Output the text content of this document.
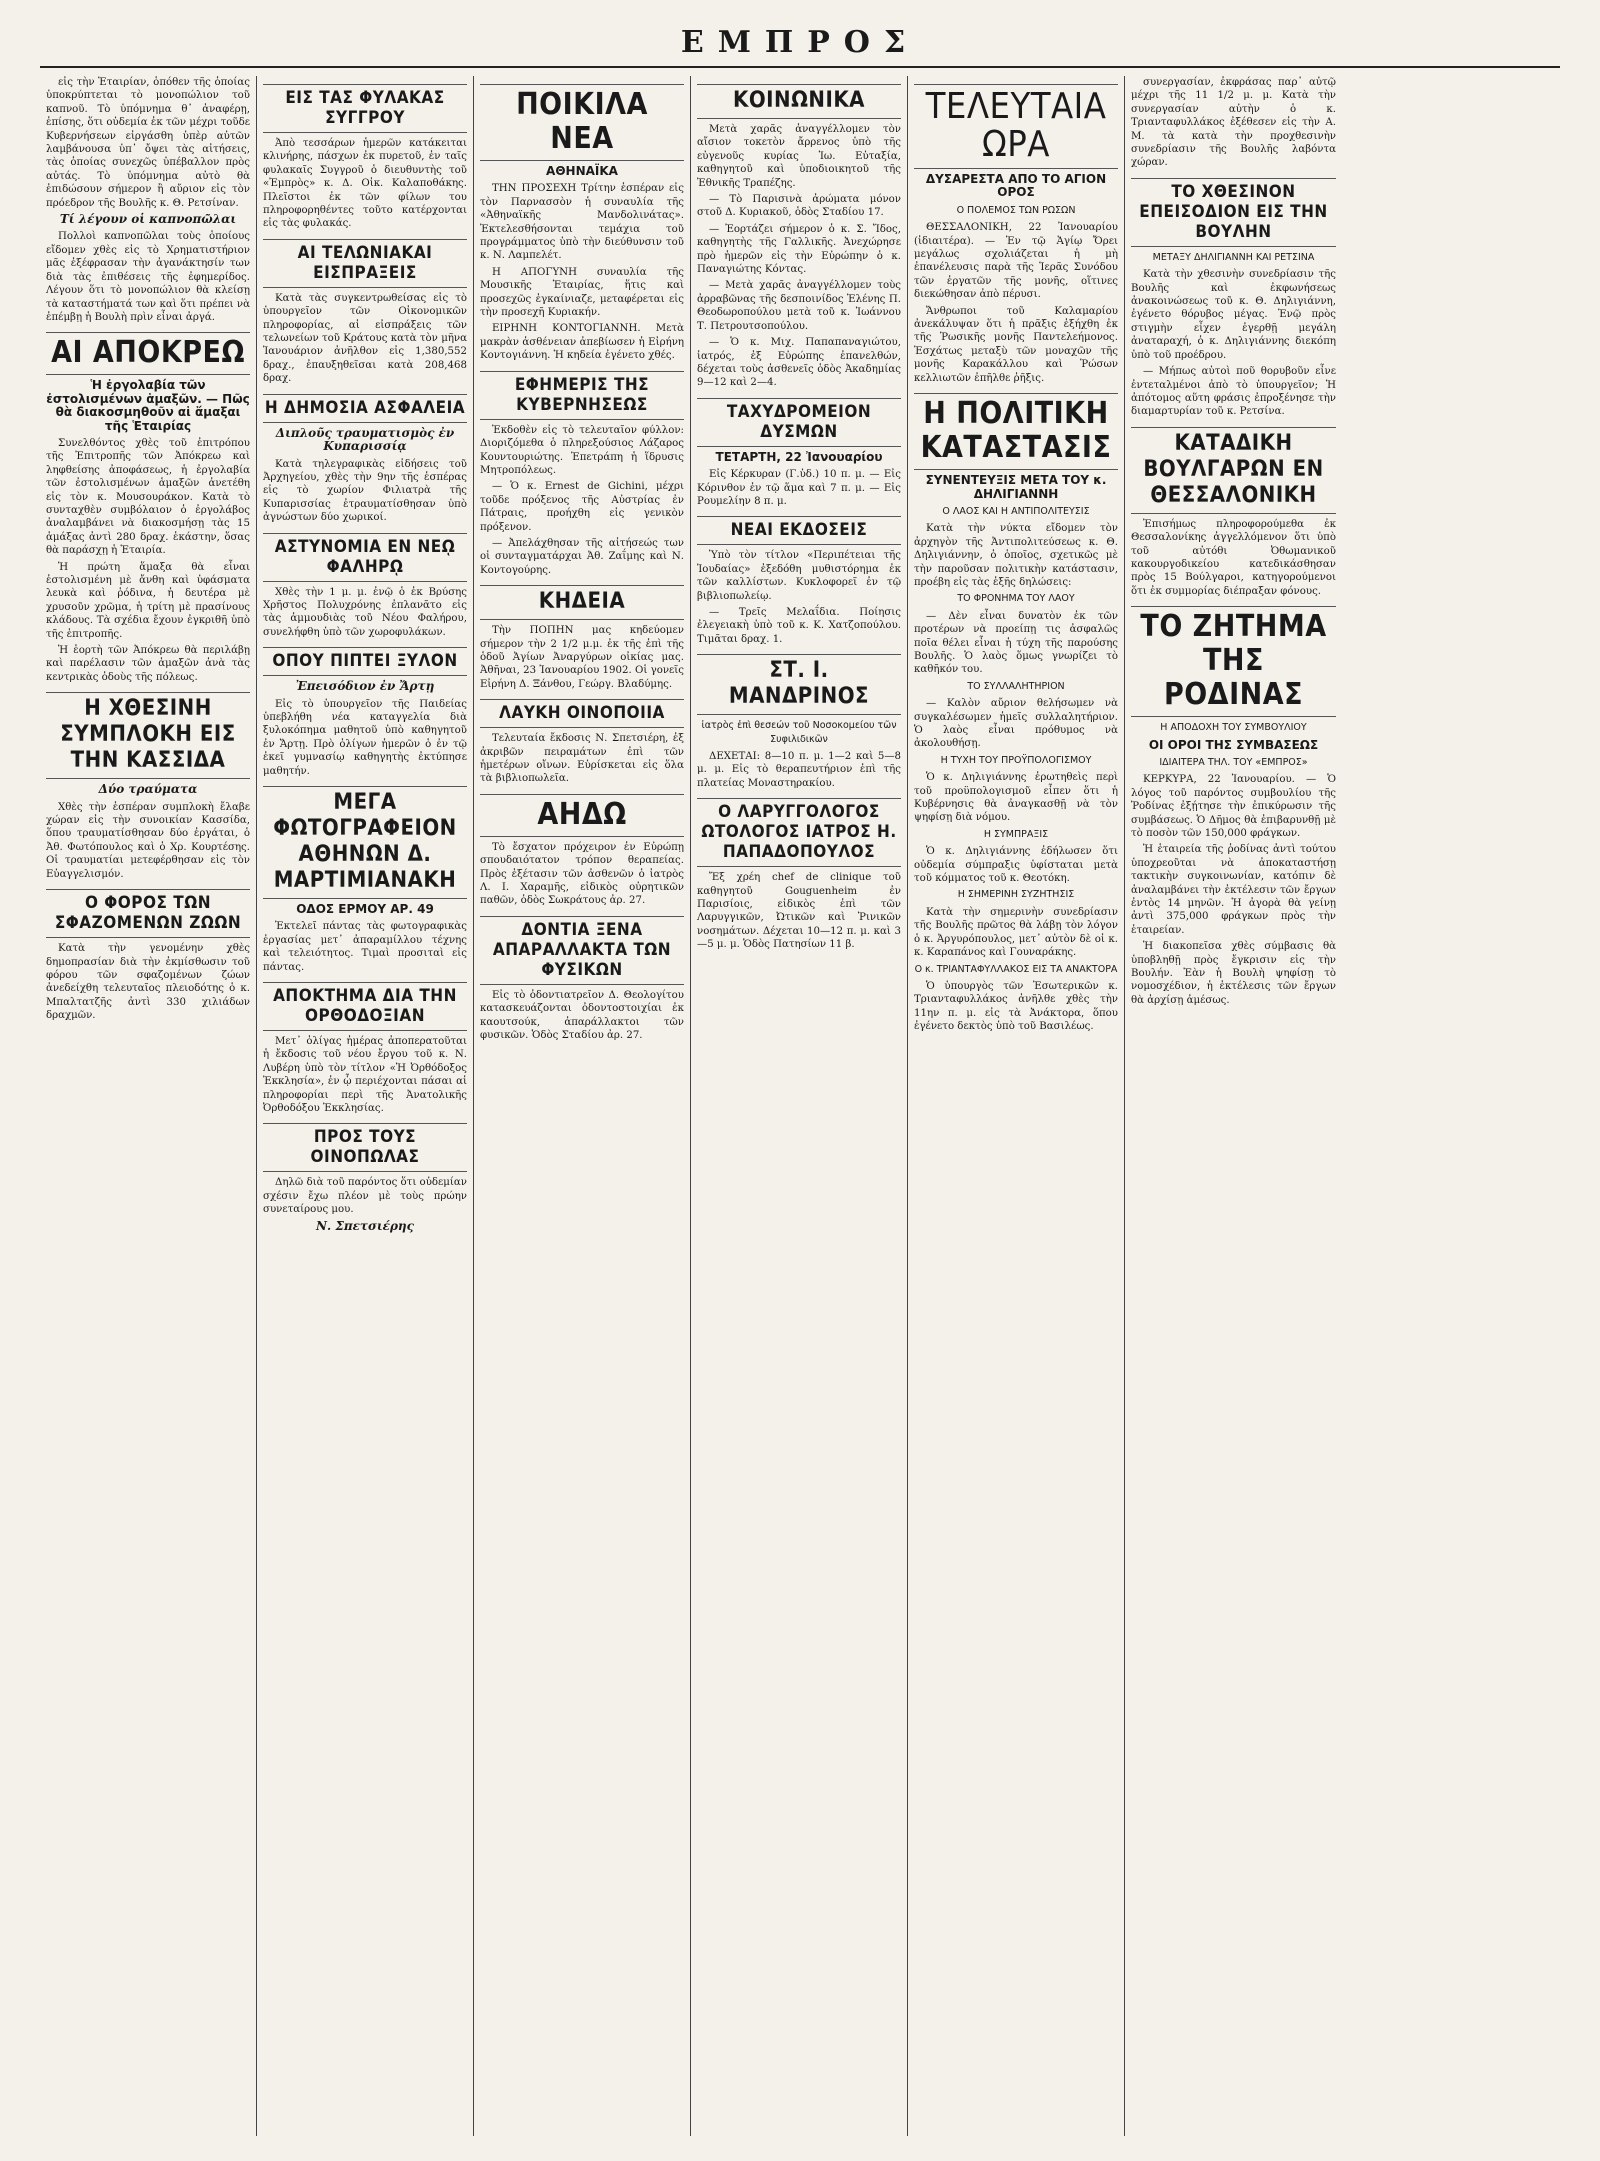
ΕΜΠΡΟΣ

εἰς τὴν Ἑταιρίαν, ὁπόθεν τῆς ὁποίας ὑποκρύπτεται τὸ μονοπώλιον τοῦ καπνοῦ. Τὸ ὑπόμνημα θ᾽ ἀναφέρῃ, ἐπίσης, ὅτι οὐδεμία ἐκ τῶν μέχρι τοῦδε Κυβερνήσεων εἰργάσθη ὑπὲρ αὐτῶν λαμβάνουσα ὑπ᾽ ὄψει τὰς αἰτήσεις, τὰς ὁποίας συνεχῶς ὑπέβαλλον πρὸς αὐτάς. Τὸ ὑπόμνημα αὐτὸ θὰ ἐπιδώσουν σήμερον ἢ αὔριον εἰς τὸν πρόεδρον τῆς Βουλῆς κ. Θ. Ρετσίναν.

Τί λέγουν οἱ καπνοπῶλαι

Πολλοὶ καπνοπῶλαι τοὺς ὁποίους εἴδομεν χθὲς εἰς τὸ Χρηματιστήριον μᾶς ἐξέφρασαν τὴν ἀγανάκτησίν των διὰ τὰς ἐπιθέσεις τῆς ἐφημερίδος. Λέγουν ὅτι τὸ μονοπώλιον θὰ κλείσῃ τὰ καταστήματά των καὶ ὅτι πρέπει νὰ ἐπέμβῃ ἡ Βουλὴ πρὶν εἶναι ἀργά.

ΑΙ ΑΠΟΚΡΕΩ
Ἡ ἐργολαβία τῶν ἐστολισμένων ἁμαξῶν. — Πῶς θὰ διακοσμηθοῦν αἱ ἅμαξαι τῆς Ἑταιρίας

Συνελθόντος χθὲς τοῦ ἐπιτρόπου τῆς Ἐπιτροπῆς τῶν Ἀπόκρεω καὶ ληφθείσης ἀποφάσεως, ἡ ἐργολαβία τῶν ἐστολισμένων ἁμαξῶν ἀνετέθη εἰς τὸν κ. Μουσουράκον. Κατὰ τὸ συνταχθὲν συμβόλαιον ὁ ἐργολάβος ἀναλαμβάνει νὰ διακοσμήσῃ τὰς 15 ἁμάξας ἀντὶ 280 δραχ. ἑκάστην, ὅσας θὰ παράσχῃ ἡ Ἑταιρία.

Ἡ πρώτη ἅμαξα θὰ εἶναι ἐστολισμένη μὲ ἄνθη καὶ ὑφάσματα λευκὰ καὶ ῥόδινα, ἡ δευτέρα μὲ χρυσοῦν χρῶμα, ἡ τρίτη μὲ πρασίνους κλάδους. Τὰ σχέδια ἔχουν ἐγκριθῆ ὑπὸ τῆς ἐπιτροπῆς.

Ἡ ἑορτὴ τῶν Ἀπόκρεω θὰ περιλάβῃ καὶ παρέλασιν τῶν ἁμαξῶν ἀνὰ τὰς κεντρικὰς ὁδοὺς τῆς πόλεως.

Η ΧΘΕΣΙΝΗ ΣΥΜΠΛΟΚΗ ΕΙΣ ΤΗΝ ΚΑΣΣΙΔΑ
Δύο τραύματα

Χθὲς τὴν ἑσπέραν συμπλοκὴ ἔλαβε χώραν εἰς τὴν συνοικίαν Κασσίδα, ὅπου τραυματίσθησαν δύο ἐργάται, ὁ Ἀθ. Φωτόπουλος καὶ ὁ Χρ. Κουρτέσης. Οἱ τραυματίαι μετεφέρθησαν εἰς τὸν Εὐαγγελισμόν.

Ο ΦΟΡΟΣ ΤΩΝ ΣΦΑΖΟΜΕΝΩΝ ΖΩΩΝ

Κατὰ τὴν γενομένην χθὲς δημοπρασίαν διὰ τὴν ἐκμίσθωσιν τοῦ φόρου τῶν σφαζομένων ζώων ἀνεδείχθη τελευταῖος πλειοδότης ὁ κ. Μπαλτατζῆς ἀντὶ 330 χιλιάδων δραχμῶν.

ΕΙΣ ΤΑΣ ΦΥΛΑΚΑΣ ΣΥΓΓΡΟΥ

Ἀπὸ τεσσάρων ἡμερῶν κατάκειται κλινήρης, πάσχων ἐκ πυρετοῦ, ἐν ταῖς φυλακαῖς Συγγροῦ ὁ διευθυντὴς τοῦ «Ἐμπρὸς» κ. Δ. Οἰκ. Καλαποθάκης. Πλεῖστοι ἐκ τῶν φίλων του πληροφορηθέντες τοῦτο κατέρχονται εἰς τὰς φυλακάς.

ΑΙ ΤΕΛΩΝΙΑΚΑΙ ΕΙΣΠΡΑΞΕΙΣ

Κατὰ τὰς συγκεντρωθείσας εἰς τὸ ὑπουργεῖον τῶν Οἰκονομικῶν πληροφορίας, αἱ εἰσπράξεις τῶν τελωνείων τοῦ Κράτους κατὰ τὸν μῆνα Ἰανουάριον ἀνῆλθον εἰς 1,380,552 δραχ., ἐπαυξηθεῖσαι κατὰ 208,468 δραχ.

Η ΔΗΜΟΣΙΑ ΑΣΦΑΛΕΙΑ
Διπλοῦς τραυματισμὸς ἐν Κυπαρισσίᾳ

Κατὰ τηλεγραφικὰς εἰδήσεις τοῦ Ἀρχηγείου, χθὲς τὴν 9ην τῆς ἑσπέρας εἰς τὸ χωρίον Φιλιατρὰ τῆς Κυπαρισσίας ἐτραυματίσθησαν ὑπὸ ἀγνώστων δύο χωρικοί.

ΑΣΤΥΝΟΜΙΑ ΕΝ ΝΕῼ ΦΑΛΗΡῼ

Χθὲς τὴν 1 μ. μ. ἐνῷ ὁ ἐκ Βρύσης Χρῆστος Πολυχρόνης ἐπλανᾶτο εἰς τὰς ἀμμουδιὰς τοῦ Νέου Φαλήρου, συνελήφθη ὑπὸ τῶν χωροφυλάκων.

ΟΠΟΥ ΠΙΠΤΕΙ ΞΥΛΟΝ
Ἐπεισόδιον ἐν Ἄρτῃ

Εἰς τὸ ὑπουργεῖον τῆς Παιδείας ὑπεβλήθη νέα καταγγελία διὰ ξυλοκόπημα μαθητοῦ ὑπὸ καθηγητοῦ ἐν Ἄρτῃ. Πρὸ ὀλίγων ἡμερῶν ὁ ἐν τῷ ἐκεῖ γυμνασίῳ καθηγητὴς ἐκτύπησε μαθητήν.

ΜΕΓΑ ΦΩΤΟΓΡΑΦΕΙΟΝ ΑΘΗΝΩΝ Δ. ΜΑΡΤΙΜΙΑΝΑΚΗ
ΟΔΟΣ ΕΡΜΟΥ ΑΡ. 49

Ἐκτελεῖ πάντας τὰς φωτογραφικὰς ἐργασίας μετ᾽ ἀπαραμίλλου τέχνης καὶ τελειότητος. Τιμαὶ προσιταὶ εἰς πάντας.

ΑΠΟΚΤΗΜΑ ΔΙΑ ΤΗΝ ΟΡΘΟΔΟΞΙΑΝ

Μετ᾽ ὀλίγας ἡμέρας ἀποπερατοῦται ἡ ἔκδοσις τοῦ νέου ἔργου τοῦ κ. Ν. Λυβέρη ὑπὸ τὸν τίτλον «Ἡ Ὀρθόδοξος Ἐκκλησία», ἐν ᾧ περιέχονται πάσαι αἱ πληροφορίαι περὶ τῆς Ἀνατολικῆς Ὀρθοδόξου Ἐκκλησίας.

ΠΡΟΣ ΤΟΥΣ ΟΙΝΟΠΩΛΑΣ

Δηλῶ διὰ τοῦ παρόντος ὅτι οὐδεμίαν σχέσιν ἔχω πλέον μὲ τοὺς πρώην συνεταίρους μου.

Ν. Σπετσιέρης
ΠΟΙΚΙΛΑ ΝΕΑ
ΑΘΗΝΑΪΚΑ

ΤΗΝ ΠΡΟΣΕΧΗ Τρίτην ἑσπέραν εἰς τὸν Παρνασσὸν ἡ συναυλία τῆς «Ἀθηναϊκῆς Μανδολινάτας». Ἐκτελεσθήσονται τεμάχια τοῦ προγράμματος ὑπὸ τὴν διεύθυνσιν τοῦ κ. Ν. Λαμπελέτ.

Η ΑΠΟΓΥΝΗ συναυλία τῆς Μουσικῆς Ἑταιρίας, ἥτις καὶ προσεχῶς ἐγκαίνιαζε, μεταφέρεται εἰς τὴν προσεχῆ Κυριακήν.

ΕΙΡΗΝΗ ΚΟΝΤΟΓΙΑΝΝΗ. Μετὰ μακρὰν ἀσθένειαν ἀπεβίωσεν ἡ Εἰρήνη Κοντογιάννη. Ἡ κηδεία ἐγένετο χθές.

ΕΦΗΜΕΡΙΣ ΤΗΣ ΚΥΒΕΡΝΗΣΕΩΣ

Ἐκδοθὲν εἰς τὸ τελευταῖον φύλλον: Διοριζόμεθα ὁ πληρεξούσιος Λάζαρος Κουντουριώτης. Ἐπετράπη ἡ ἵδρυσις Μητροπόλεως.

— Ὁ κ. Ernest de Gichini, μέχρι τοῦδε πρόξενος τῆς Αὐστρίας ἐν Πάτραις, προήχθη εἰς γενικὸν πρόξενον.

— Ἀπελάχθησαν τῆς αἰτήσεώς των οἱ συνταγματάρχαι Ἀθ. Ζαΐμης καὶ Ν. Κοντογούρης.

ΚΗΔΕΙΑ

Τὴν ΠΟΠΗΝ μας κηδεύομεν σήμερον τὴν 2 1/2 μ.μ. ἐκ τῆς ἐπὶ τῆς ὁδοῦ Ἀγίων Ἀναργύρων οἰκίας μας. Ἀθῆναι, 23 Ἰανουαρίου 1902. Οἱ γονεῖς Εἰρήνη Δ. Ξάνθου, Γεώργ. Βλαδύμης.

ΛΑΥΚΗ ΟΙΝΟΠΟΙΙΑ

Τελευταία ἔκδοσις Ν. Σπετσιέρη, ἐξ ἀκριβῶν πειραμάτων ἐπὶ τῶν ἡμετέρων οἴνων. Εὑρίσκεται εἰς ὅλα τὰ βιβλιοπωλεῖα.

ΑΗΔΩ

Τὸ ἔσχατον πρόχειρον ἐν Εὐρώπῃ σπουδαιότατον τρόπον θεραπείας. Πρὸς ἐξέτασιν τῶν ἀσθενῶν ὁ ἰατρὸς Λ. Ι. Χαραμῆς, εἰδικὸς οὐρητικῶν παθῶν, ὁδὸς Σωκράτους ἀρ. 27.

ΔΟΝΤΙΑ ΞΕΝΑ ΑΠΑΡΑΛΛΑΚΤΑ ΤΩΝ ΦΥΣΙΚΩΝ

Εἰς τὸ ὀδοντιατρεῖον Δ. Θεολογίτου κατασκευάζονται ὀδοντοστοιχίαι ἐκ καουτσούκ, ἀπαράλλακτοι τῶν φυσικῶν. Ὁδὸς Σταδίου ἀρ. 27.

ΚΟΙΝΩΝΙΚΑ

Μετὰ χαρᾶς ἀναγγέλλομεν τὸν αἴσιον τοκετὸν ἄρρενος ὑπὸ τῆς εὐγενοῦς κυρίας Ἰω. Εὐταξία, καθηγητοῦ καὶ ὑποδιοικητοῦ τῆς Ἐθνικῆς Τραπέζης.

— Τὸ Παρισινὰ ἀρώματα μόνον στοῦ Δ. Κυριακοῦ, ὁδὸς Σταδίου 17.

— Ἐορτάζει σήμερον ὁ κ. Σ. Ἴδος, καθηγητὴς τῆς Γαλλικῆς. Ἀνεχώρησε πρὸ ἡμερῶν εἰς τὴν Εὐρώπην ὁ κ. Παναγιώτης Κόντας.

— Μετὰ χαρᾶς ἀναγγέλλομεν τοὺς ἀρραβῶνας τῆς δεσποινίδος Ἑλένης Π. Θεοδωροπούλου μετὰ τοῦ κ. Ἰωάννου Τ. Πετρουτσοπούλου.

— Ὁ κ. Μιχ. Παπαπαναγιώτου, ἰατρός, ἐξ Εὐρώπης ἐπανελθών, δέχεται τοὺς ἀσθενεῖς ὁδὸς Ἀκαδημίας 9—12 καὶ 2—4.

ΤΑΧΥΔΡΟΜΕΙΟΝ ΔΥΣΜΩΝ
ΤΕΤΑΡΤΗ, 22 Ἰανουαρίου

Εἰς Κέρκυραν (Γ.ὑδ.) 10 π. μ. — Εἰς Κόρινθον ἐν τῷ ἅμα καὶ 7 π. μ. — Εἰς Ρουμελίην 8 π. μ.

ΝΕΑΙ ΕΚΔΟΣΕΙΣ

Ὑπὸ τὸν τίτλον «Περιπέτειαι τῆς Ἰουδαίας» ἐξεδόθη μυθιστόρημα ἐκ τῶν καλλίστων. Κυκλοφορεῖ ἐν τῷ βιβλιοπωλείῳ.

— Τρεῖς Μελαΐδια. Ποίησις ἐλεγειακὴ ὑπὸ τοῦ κ. Κ. Χατζοπούλου. Τιμᾶται δραχ. 1.

ΣΤ. Ι. ΜΑΝΔΡΙΝΟΣ
ἰατρὸς ἐπὶ θεσεών τοῦ Νοσοκομείου τῶν Συφιλιδικῶν

ΔΕΧΕΤΑΙ: 8—10 π. μ. 1—2 καὶ 5—8 μ. μ. Εἰς τὸ θεραπευτήριον ἐπὶ τῆς πλατείας Μοναστηρακίου.

Ο ΛΑΡΥΓΓΟΛΟΓΟΣ ΩΤΟΛΟΓΟΣ ΙΑΤΡΟΣ Η. ΠΑΠΑΔΟΠΟΥΛΟΣ

Ἔξ χρέη chef de clinique τοῦ καθηγητοῦ Gouguenheim ἐν Παρισίοις, εἰδικὸς ἐπὶ τῶν Λαρυγγικῶν, Ὠτικῶν καὶ Ῥινικῶν νοσημάτων. Δέχεται 10—12 π. μ. καὶ 3—5 μ. μ. Ὁδὸς Πατησίων 11 β.

ΤΕΛΕΥΤΑΙΑ ΩΡΑ
ΔΥΣΑΡΕΣΤΑ ΑΠΟ ΤΟ ΑΓΙΟΝ ΟΡΟΣ
Ο ΠΟΛΕΜΟΣ ΤΩΝ ΡΩΣΩΝ

ΘΕΣΣΑΛΟΝΙΚΗ, 22 Ἰανουαρίου (ἰδιαιτέρα). — Ἐν τῷ Ἁγίῳ Ὄρει μεγάλως σχολιάζεται ἡ μὴ ἐπανέλευσις παρὰ τῆς Ἱερᾶς Συνόδου τῶν ἐργατῶν τῆς μονῆς, οἵτινες διεκώθησαν ἀπὸ πέρυσι.

Ἄνθρωποι τοῦ Καλαμαρίου ἀνεκάλυψαν ὅτι ἡ πρᾶξις ἐξήχθη ἐκ τῆς Ῥωσικῆς μονῆς Παντελεήμονος. Ἐσχάτως μεταξὺ τῶν μοναχῶν τῆς μονῆς Καρακάλλου καὶ Ῥώσων κελλιωτῶν ἐπῆλθε ῥῆξις.

Η ΠΟΛΙΤΙΚΗ ΚΑΤΑΣΤΑΣΙΣ
ΣΥΝΕΝΤΕΥΞΙΣ ΜΕΤΑ ΤΟΥ κ. ΔΗΛΙΓΙΑΝΝΗ
Ο ΛΑΟΣ ΚΑΙ Η ΑΝΤΙΠΟΛΙΤΕΥΣΙΣ

Κατὰ τὴν νύκτα εἴδομεν τὸν ἀρχηγὸν τῆς Ἀντιπολιτεύσεως κ. Θ. Δηλιγιάννην, ὁ ὁποῖος, σχετικῶς μὲ τὴν παροῦσαν πολιτικὴν κατάστασιν, προέβη εἰς τὰς ἑξῆς δηλώσεις:

ΤΟ ΦΡΟΝΗΜΑ ΤΟΥ ΛΑΟΥ

— Δὲν εἶναι δυνατὸν ἐκ τῶν προτέρων νὰ προείπῃ τις ἀσφαλῶς ποῖα θέλει εἶναι ἡ τύχη τῆς παρούσης Βουλῆς. Ὁ λαὸς ὅμως γνωρίζει τὸ καθῆκόν του.

ΤΟ ΣΥΛΛΑΛΗΤΗΡΙΟΝ

— Καλὸν αὔριον θελήσωμεν νὰ συγκαλέσωμεν ἡμεῖς συλλαλητήριον. Ὁ λαὸς εἶναι πρόθυμος νὰ ἀκολουθήσῃ.

Η ΤΥΧΗ ΤΟΥ ΠΡΟΫΠΟΛΟΓΙΣΜΟΥ

Ὁ κ. Δηλιγιάννης ἐρωτηθεὶς περὶ τοῦ προϋπολογισμοῦ εἶπεν ὅτι ἡ Κυβέρνησις θὰ ἀναγκασθῇ νὰ τὸν ψηφίσῃ διὰ νόμου.

Η ΣΥΜΠΡΑΞΙΣ

Ὁ κ. Δηλιγιάννης ἐδήλωσεν ὅτι οὐδεμία σύμπραξις ὑφίσταται μετὰ τοῦ κόμματος τοῦ κ. Θεοτόκη.

Η ΣΗΜΕΡΙΝΗ ΣΥΖΗΤΗΣΙΣ

Κατὰ τὴν σημερινὴν συνεδρίασιν τῆς Βουλῆς πρῶτος θὰ λάβῃ τὸν λόγον ὁ κ. Ἀργυρόπουλος, μετ᾽ αὐτὸν δὲ οἱ κ. κ. Καραπάνος καὶ Γουναράκης.

Ο κ. ΤΡΙΑΝΤΑΦΥΛΛΑΚΟΣ ΕΙΣ ΤΑ ΑΝΑΚΤΟΡΑ

Ὁ ὑπουργὸς τῶν Ἐσωτερικῶν κ. Τριανταφυλλάκος ἀνῆλθε χθὲς τὴν 11ην π. μ. εἰς τὰ Ἀνάκτορα, ὅπου ἐγένετο δεκτὸς ὑπὸ τοῦ Βασιλέως.

συνεργασίαν, ἐκφράσας παρ᾽ αὐτῷ μέχρι τῆς 11 1/2 μ. μ. Κατὰ τὴν συνεργασίαν αὐτὴν ὁ κ. Τριανταφυλλάκος ἐξέθεσεν εἰς τὴν Α. Μ. τὰ κατὰ τὴν προχθεσινὴν συνεδρίασιν τῆς Βουλῆς λαβόντα χώραν.

ΤΟ ΧΘΕΣΙΝΟΝ ΕΠΕΙΣΟΔΙΟΝ ΕΙΣ ΤΗΝ ΒΟΥΛΗΝ
ΜΕΤΑΞΥ ΔΗΛΙΓΙΑΝΝΗ ΚΑΙ ΡΕΤΣΙΝΑ

Κατὰ τὴν χθεσινὴν συνεδρίασιν τῆς Βουλῆς καὶ ἐκφωνήσεως ἀνακοινώσεως τοῦ κ. Θ. Δηλιγιάννη, ἐγένετο θόρυβος μέγας. Ἐνῷ πρὸς στιγμὴν εἶχεν ἐγερθῇ μεγάλη ἀναταραχή, ὁ κ. Δηλιγιάννης διεκόπη ὑπὸ τοῦ προέδρου.

— Μήπως αὐτοὶ ποῦ θορυβοῦν εἶνε ἐντεταλμένοι ἀπὸ τὸ ὑπουργεῖον; Ἡ ἀπότομος αὕτη φράσις ἐπροξένησε τὴν διαμαρτυρίαν τοῦ κ. Ρετσίνα.

ΚΑΤΑΔΙΚΗ ΒΟΥΛΓΑΡΩΝ ΕΝ ΘΕΣΣΑΛΟΝΙΚΗ

Ἐπισήμως πληροφορούμεθα ἐκ Θεσσαλονίκης ἀγγελλόμενον ὅτι ὑπὸ τοῦ αὐτόθι Ὀθωμανικοῦ κακουργοδικείου κατεδικάσθησαν πρὸς 15 Βούλγαροι, κατηγορούμενοι ὅτι ἐκ συμμορίας διέπραξαν φόνους.

ΤΟ ΖΗΤΗΜΑ ΤΗΣ ΡΟΔΙΝΑΣ
Η ΑΠΟΔΟΧΗ ΤΟΥ ΣΥΜΒΟΥΛΙΟΥ
ΟΙ ΟΡΟΙ ΤΗΣ ΣΥΜΒΑΣΕΩΣ
ΙΔΙΑΙΤΕΡΑ ΤΗΛ. ΤΟΥ «ΕΜΠΡΟΣ»

ΚΕΡΚΥΡΑ, 22 Ἰανουαρίου. — Ὁ λόγος τοῦ παρόντος συμβουλίου τῆς Ῥοδίνας ἐξῄτησε τὴν ἐπικύρωσιν τῆς συμβάσεως. Ὁ Δῆμος θὰ ἐπιβαρυνθῇ μὲ τὸ ποσὸν τῶν 150,000 φράγκων.

Ἡ ἑταιρεία τῆς ῥοδίνας ἀντὶ τούτου ὑποχρεοῦται νὰ ἀποκαταστήσῃ τακτικὴν συγκοινωνίαν, κατόπιν δὲ ἀναλαμβάνει τὴν ἐκτέλεσιν τῶν ἔργων ἐντὸς 14 μηνῶν. Ἡ ἀγορὰ θὰ γείνῃ ἀντὶ 375,000 φράγκων πρὸς τὴν ἑταιρείαν.

Ἡ διακοπεῖσα χθὲς σύμβασις θὰ ὑποβληθῇ πρὸς ἔγκρισιν εἰς τὴν Βουλήν. Ἐὰν ἡ Βουλὴ ψηφίσῃ τὸ νομοσχέδιον, ἡ ἐκτέλεσις τῶν ἔργων θὰ ἀρχίσῃ ἀμέσως.
